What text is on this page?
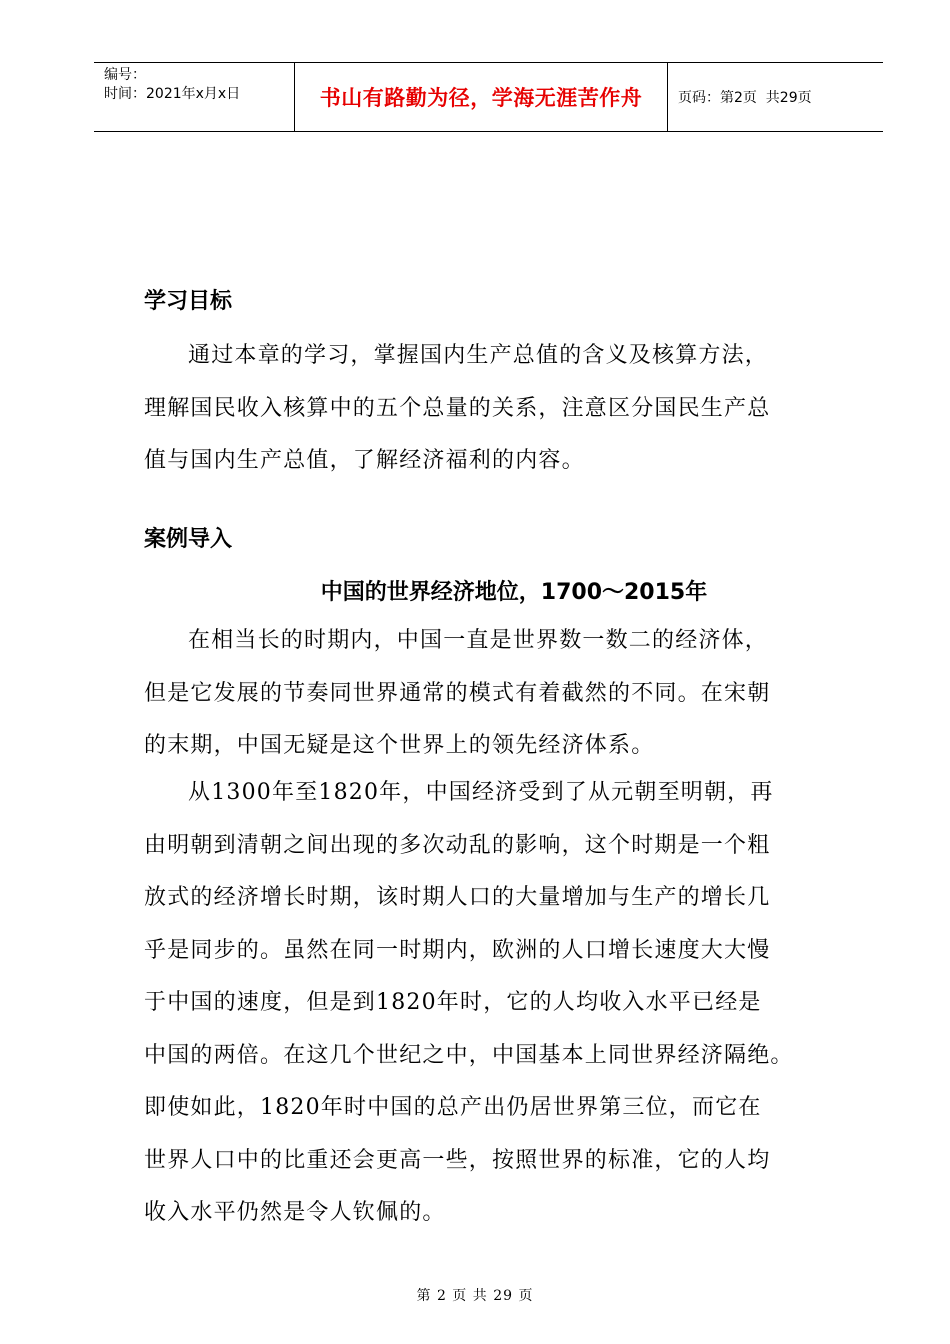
编号：
时间：2021年x月x日	书山有路勤为径，学海无涯苦作舟	页码：第2页  共29页
学习目标

通过本章的学习，掌握国内生产总值的含义及核算方法，
理解国民收入核算中的五个总量的关系，注意区分国民生产总
值与国内生产总值，了解经济福利的内容。

案例导入
中国的世界经济地位，1700～2015年

在相当长的时期内，中国一直是世界数一数二的经济体，
但是它发展的节奏同世界通常的模式有着截然的不同。在宋朝
的末期，中国无疑是这个世界上的领先经济体系。

从1300年至1820年，中国经济受到了从元朝至明朝，再
由明朝到清朝之间出现的多次动乱的影响，这个时期是一个粗
放式的经济增长时期，该时期人口的大量增加与生产的增长几
乎是同步的。虽然在同一时期内，欧洲的人口增长速度大大慢
于中国的速度，但是到1820年时，它的人均收入水平已经是
中国的两倍。在这几个世纪之中，中国基本上同世界经济隔绝。
即使如此，1820年时中国的总产出仍居世界第三位，而它在
世界人口中的比重还会更高一些，按照世界的标准，它的人均
收入水平仍然是令人钦佩的。

第 2 页 共 29 页
